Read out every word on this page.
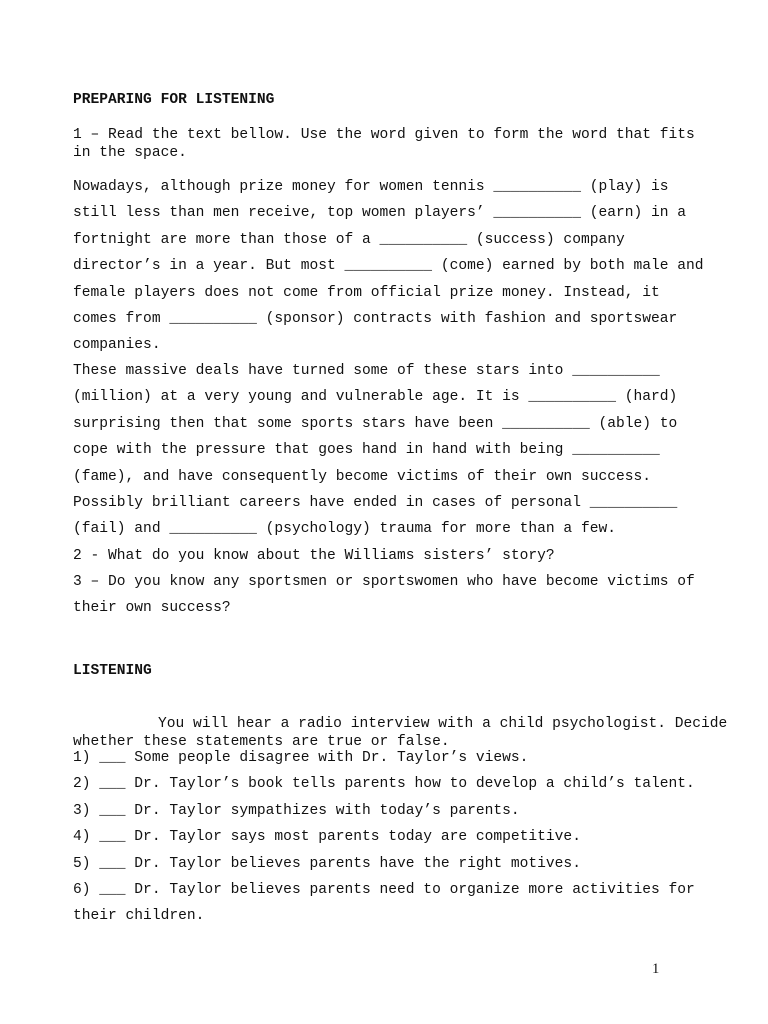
PREPARING FOR LISTENING
1 – Read the text bellow. Use the word given to form the word that fits
in the space.
Nowadays, although prize money for women tennis __________ (play) is
still less than men receive, top women players’ __________ (earn) in a
fortnight are more than those of a __________ (success) company
director’s in a year. But most __________ (come) earned by both male and
female players does not come from official prize money. Instead, it
comes from __________ (sponsor) contracts with fashion and sportswear
companies.
These massive deals have turned some of these stars into __________
(million) at a very young and vulnerable age. It is __________ (hard)
surprising then that some sports stars have been __________ (able) to
cope with the pressure that goes hand in hand with being __________
(fame), and have consequently become victims of their own success.
Possibly brilliant careers have ended in cases of personal __________
(fail) and __________ (psychology) trauma for more than a few.
2 - What do you know about the Williams sisters’ story?
3 – Do you know any sportsmen or sportswomen who have become victims of
their own success?
LISTENING

You will hear a radio interview with a child psychologist. Decide
whether these statements are true or false.

1) ___ Some people disagree with Dr. Taylor’s views.
2) ___ Dr. Taylor’s book tells parents how to develop a child’s talent.
3) ___ Dr. Taylor sympathizes with today’s parents.
4) ___ Dr. Taylor says most parents today are competitive.
5) ___ Dr. Taylor believes parents have the right motives.
6) ___ Dr. Taylor believes parents need to organize more activities for
their children.
1
